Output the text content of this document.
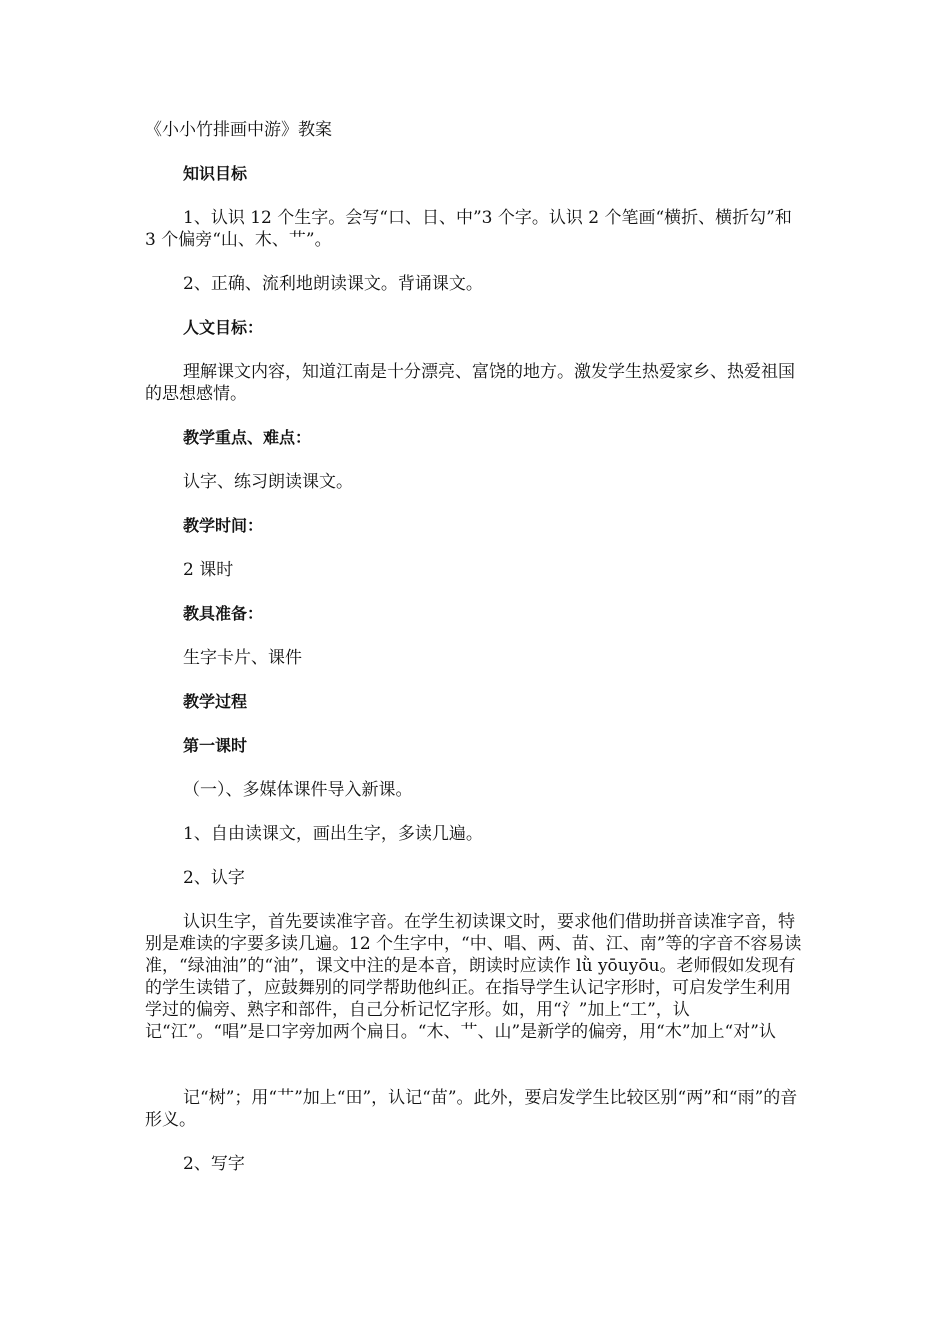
《小小竹排画中游》教案
知识目标
1、认识 12 个生字。会写“口、日、中”3 个字。认识 2 个笔画“横折、横折勾”和 3 个偏旁“山、木、艹”。
2、正确、流利地朗读课文。背诵课文。
人文目标：
理解课文内容，知道江南是十分漂亮、富饶的地方。激发学生热爱家乡、热爱祖国的思想感情。
教学重点、难点：
认字、练习朗读课文。
教学时间：
2 课时
教具准备：
生字卡片、课件
教学过程
第一课时
（一）、多媒体课件导入新课。
1、自由读课文，画出生字，多读几遍。
2、认字
认识生字，首先要读准字音。在学生初读课文时，要求他们借助拼音读准字音，特别是难读的字要多读几遍。12 个生字中，“中、唱、两、苗、江、南”等的字音不容易读准，“绿油油”的“油”，课文中注的是本音，朗读时应读作 lǜ yōuyōu。老师假如发现有的学生读错了，应鼓舞别的同学帮助他纠正。在指导学生认记字形时，可启发学生利用学过的偏旁、熟字和部件，自己分析记忆字形。如，用“氵”加上“工”，认记“江”。“唱”是口字旁加两个扁日。“木、艹、山”是新学的偏旁，用“木”加上“对”认
记“树”；用“艹”加上“田”，认记“苗”。此外，要启发学生比较区别“两”和“雨”的音形义。
2、写字
